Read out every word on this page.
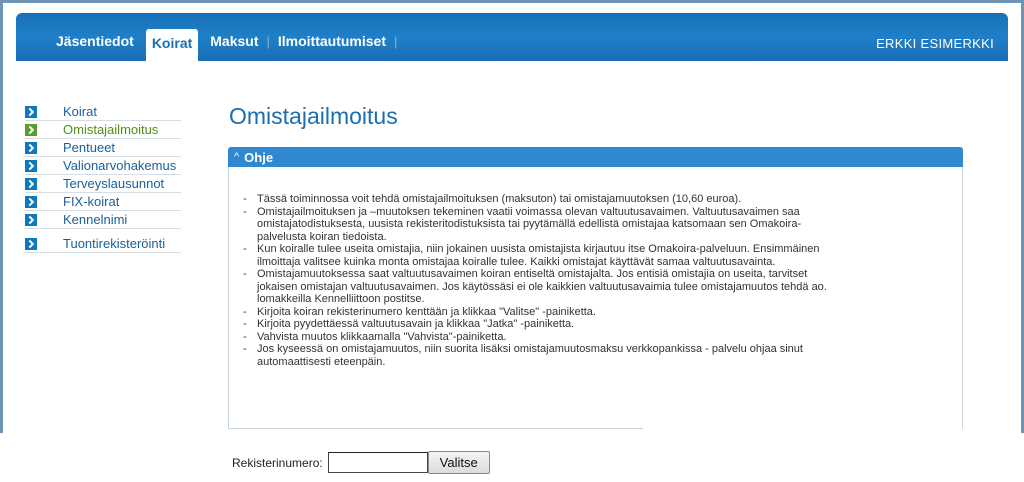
Jäsentiedot Koirat Maksut | Ilmoittautumiset |	ERKKI ESIMERKKI
Koirat
Omistajailmoitus
Pentueet
Valionarvohakemus
Terveyslausunnot
FIX-koirat
Kennelnimi
Tuontirekisteröinti
Omistajailmoitus
^ Ohje
- Tässä toiminnossa voit tehdä omistajailmoituksen (maksuton) tai omistajamuutoksen (10,60 euroa).
- Omistajailmoituksen ja –muutoksen tekeminen vaatii voimassa olevan valtuutusavaimen. Valtuutusavaimen saa omistajatodistuksesta, uusista rekisteritodistuksista tai pyytämällä edellistä omistajaa katsomaan sen Omakoira-palvelusta koiran tiedoista.
- Kun koiralle tulee useita omistajia, niin jokainen uusista omistajista kirjautuu itse Omakoira-palveluun. Ensimmäinen ilmoittaja valitsee kuinka monta omistajaa koiralle tulee. Kaikki omistajat käyttävät samaa valtuutusavainta.
- Omistajamuutoksessa saat valtuutusavaimen koiran entiseltä omistajalta. Jos entisiä omistajia on useita, tarvitset jokaisen omistajan valtuutusavaimen. Jos käytössäsi ei ole kaikkien valtuutusavaimia tulee omistajamuutos tehdä ao. lomakkeilla Kennelliittoon postitse.
- Kirjoita koiran rekisterinumero kenttään ja klikkaa "Valitse" -painiketta.
- Kirjoita pyydettäessä valtuutusavain ja klikkaa "Jatka" -painiketta.
- Vahvista muutos klikkaamalla "Vahvista"-painiketta.
- Jos kyseessä on omistajamuutos, niin suorita lisäksi omistajamuutosmaksu verkkopankissa - palvelu ohjaa sinut automaattisesti eteenpäin.
Rekisterinumero:	Valitse
